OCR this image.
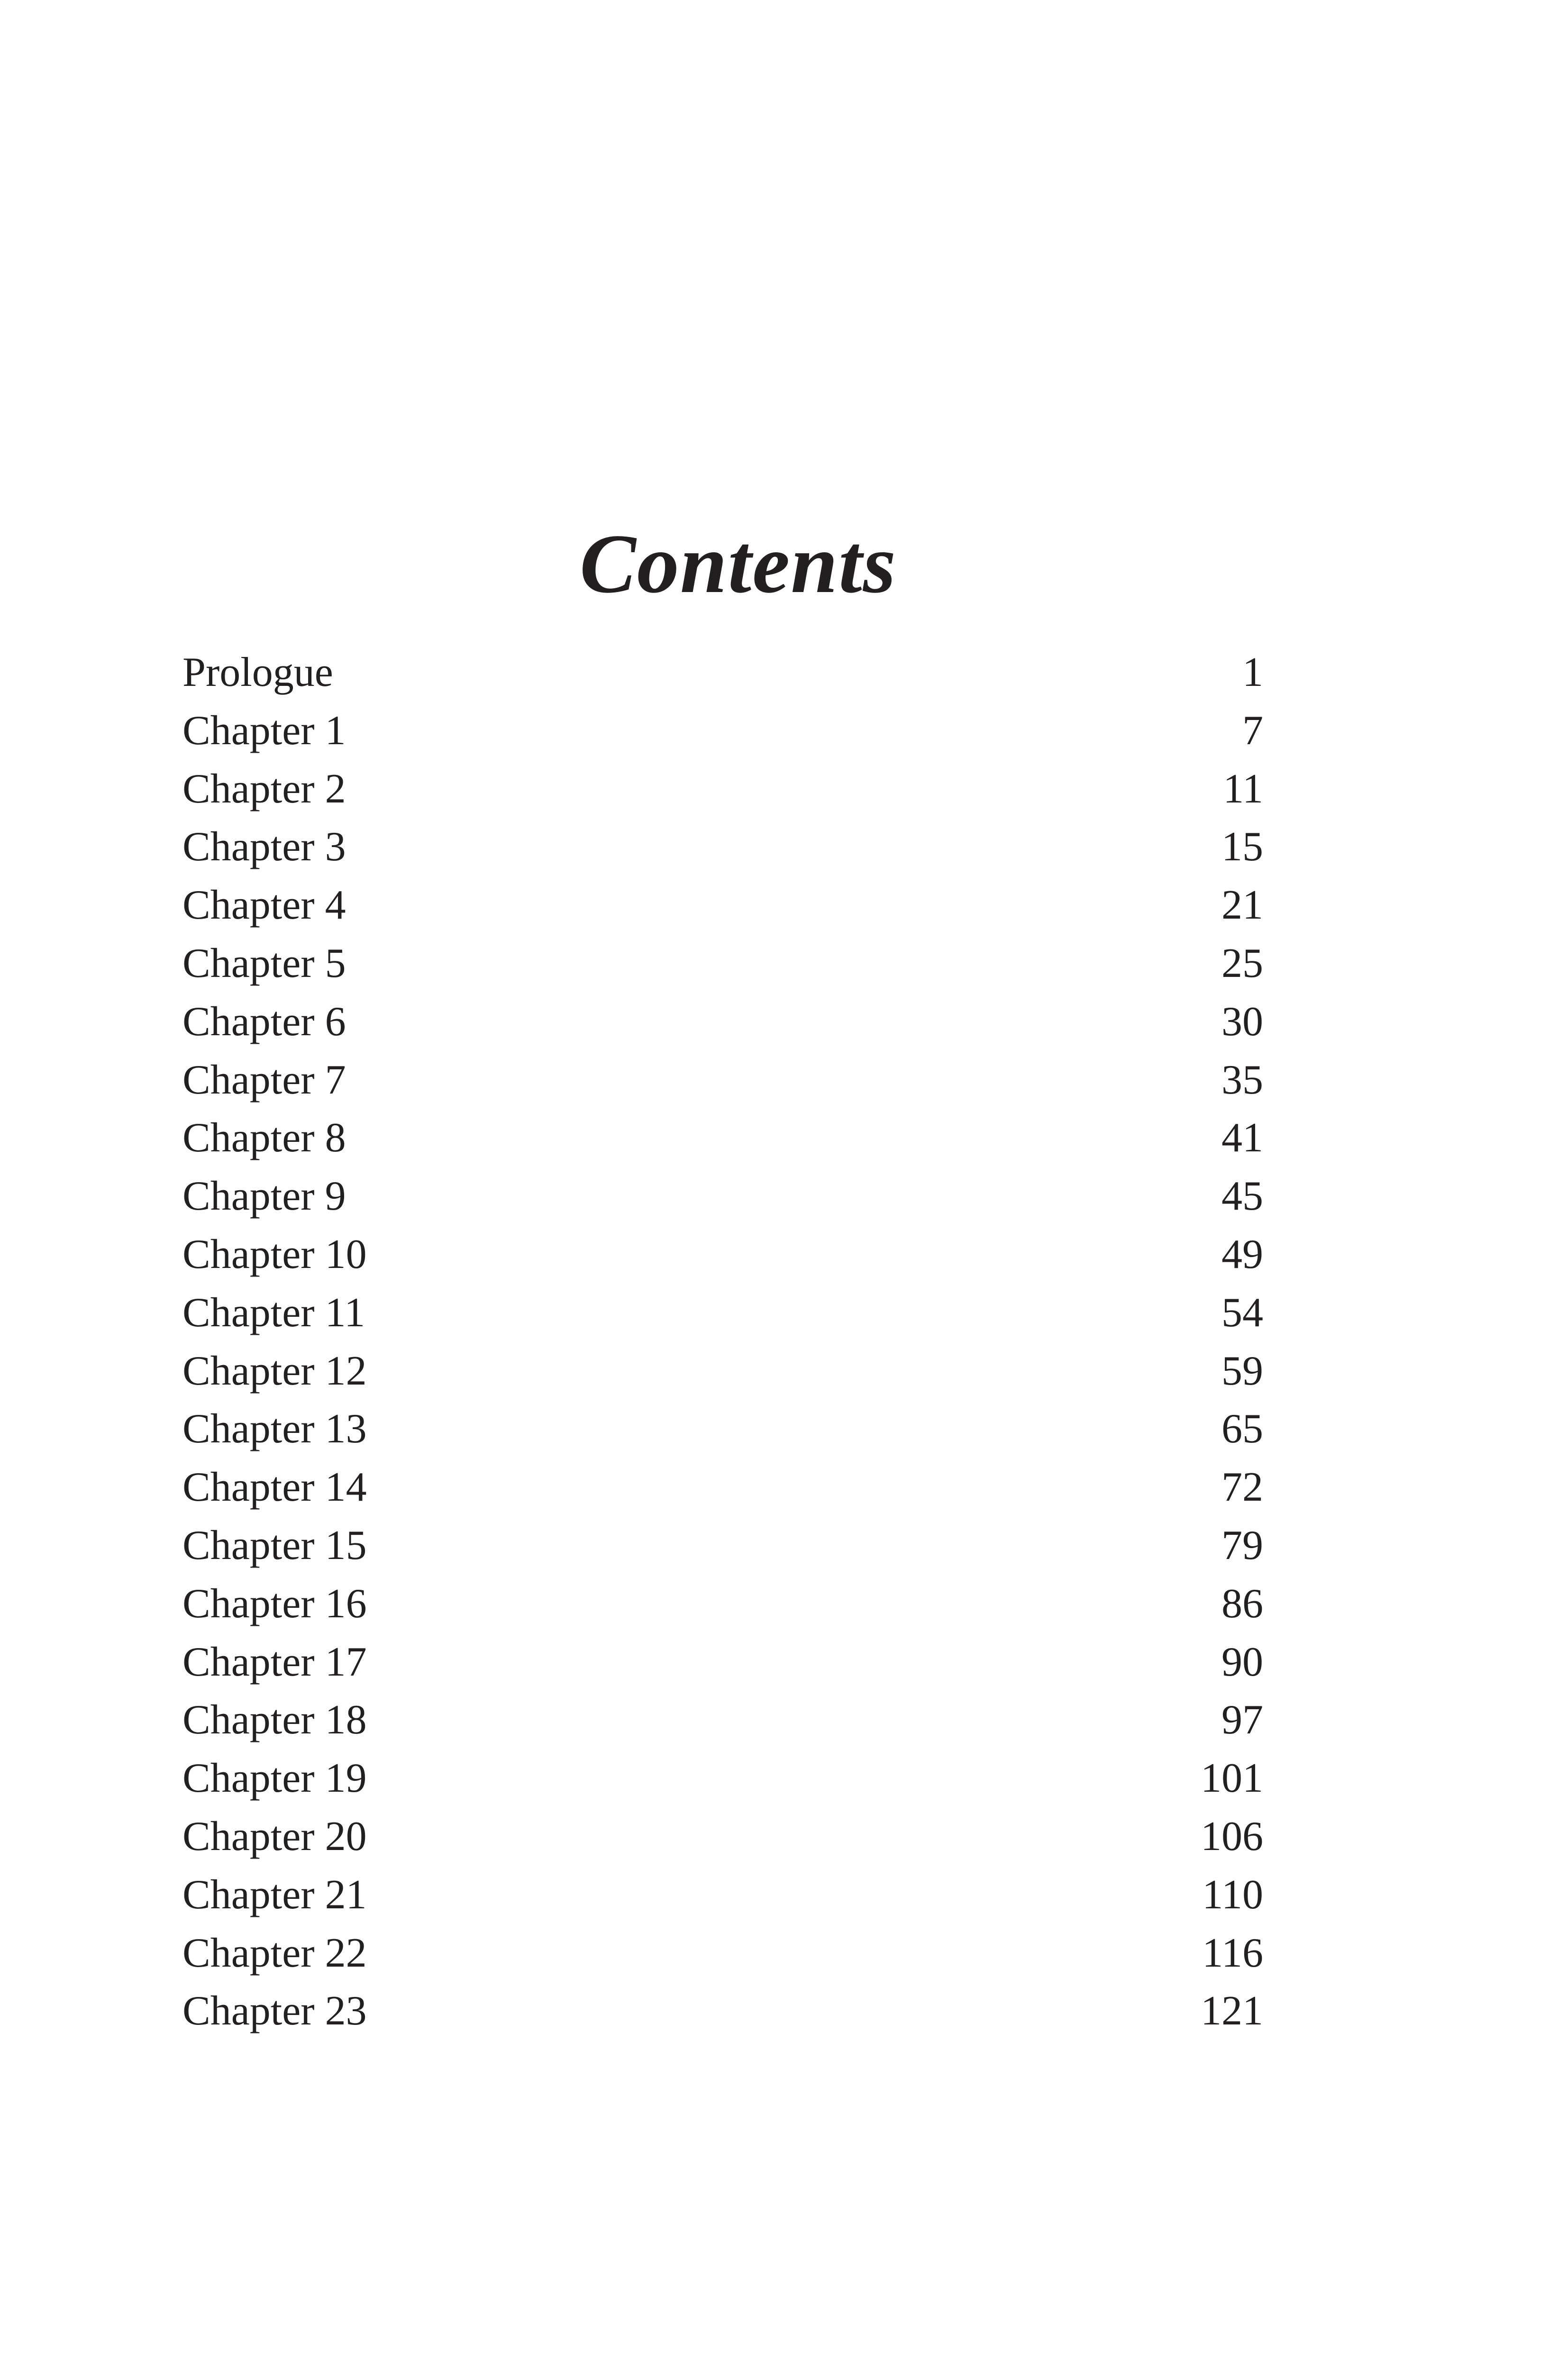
Contents
Prologue	1
Chapter 1	7
Chapter 2	11
Chapter 3	15
Chapter 4	21
Chapter 5	25
Chapter 6	30
Chapter 7	35
Chapter 8	41
Chapter 9	45
Chapter 10	49
Chapter 11	54
Chapter 12	59
Chapter 13	65
Chapter 14	72
Chapter 15	79
Chapter 16	86
Chapter 17	90
Chapter 18	97
Chapter 19	101
Chapter 20	106
Chapter 21	110
Chapter 22	116
Chapter 23	121
